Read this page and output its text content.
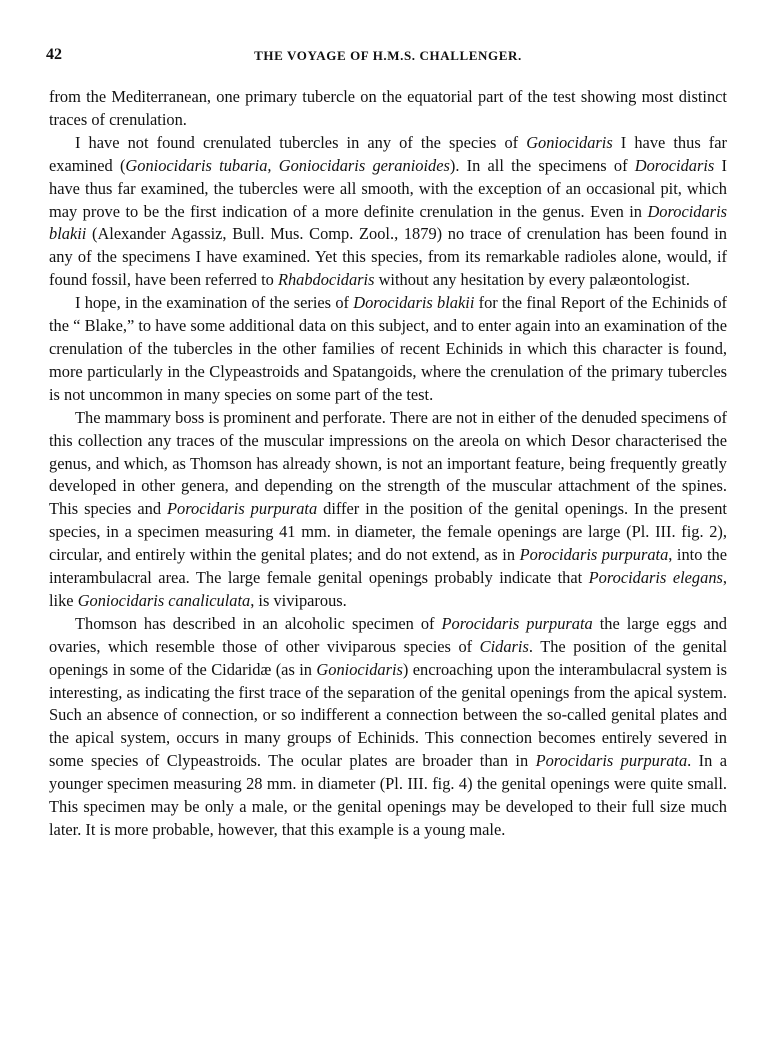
42	THE VOYAGE OF H.M.S. CHALLENGER.

from the Mediterranean, one primary tubercle on the equatorial part of the test showing most distinct traces of crenulation.

I have not found crenulated tubercles in any of the species of Goniocidaris I have thus far examined (Goniocidaris tubaria, Goniocidaris geranioides). In all the specimens of Dorocidaris I have thus far examined, the tubercles were all smooth, with the exception of an occasional pit, which may prove to be the first indication of a more definite crenulation in the genus. Even in Dorocidaris blakii (Alexander Agassiz, Bull. Mus. Comp. Zool., 1879) no trace of crenulation has been found in any of the specimens I have examined. Yet this species, from its remarkable radioles alone, would, if found fossil, have been referred to Rhabdocidaris without any hesitation by every palæontologist.

I hope, in the examination of the series of Dorocidaris blakii for the final Report of the Echinids of the “ Blake,” to have some additional data on this subject, and to enter again into an examination of the crenulation of the tubercles in the other families of recent Echinids in which this character is found, more particularly in the Clypeastroids and Spatangoids, where the crenulation of the primary tubercles is not uncommon in many species on some part of the test.

The mammary boss is prominent and perforate. There are not in either of the denuded specimens of this collection any traces of the muscular impressions on the areola on which Desor characterised the genus, and which, as Thomson has already shown, is not an important feature, being frequently greatly developed in other genera, and depending on the strength of the muscular attachment of the spines. This species and Porocidaris purpurata differ in the position of the genital openings. In the present species, in a specimen measuring 41 mm. in diameter, the female openings are large (Pl. III. fig. 2), circular, and entirely within the genital plates; and do not extend, as in Porocidaris purpurata, into the interambulacral area. The large female genital openings probably indicate that Porocidaris elegans, like Goniocidaris canaliculata, is viviparous.

Thomson has described in an alcoholic specimen of Porocidaris purpurata the large eggs and ovaries, which resemble those of other viviparous species of Cidaris. The position of the genital openings in some of the Cidaridæ (as in Goniocidaris) encroaching upon the interambulacral system is interesting, as indicating the first trace of the separation of the genital openings from the apical system. Such an absence of connection, or so indifferent a connection between the so-called genital plates and the apical system, occurs in many groups of Echinids. This connection becomes entirely severed in some species of Clypeastroids. The ocular plates are broader than in Porocidaris purpurata. In a younger specimen measuring 28 mm. in diameter (Pl. III. fig. 4) the genital openings were quite small. This specimen may be only a male, or the genital openings may be developed to their full size much later. It is more probable, however, that this example is a young male.
